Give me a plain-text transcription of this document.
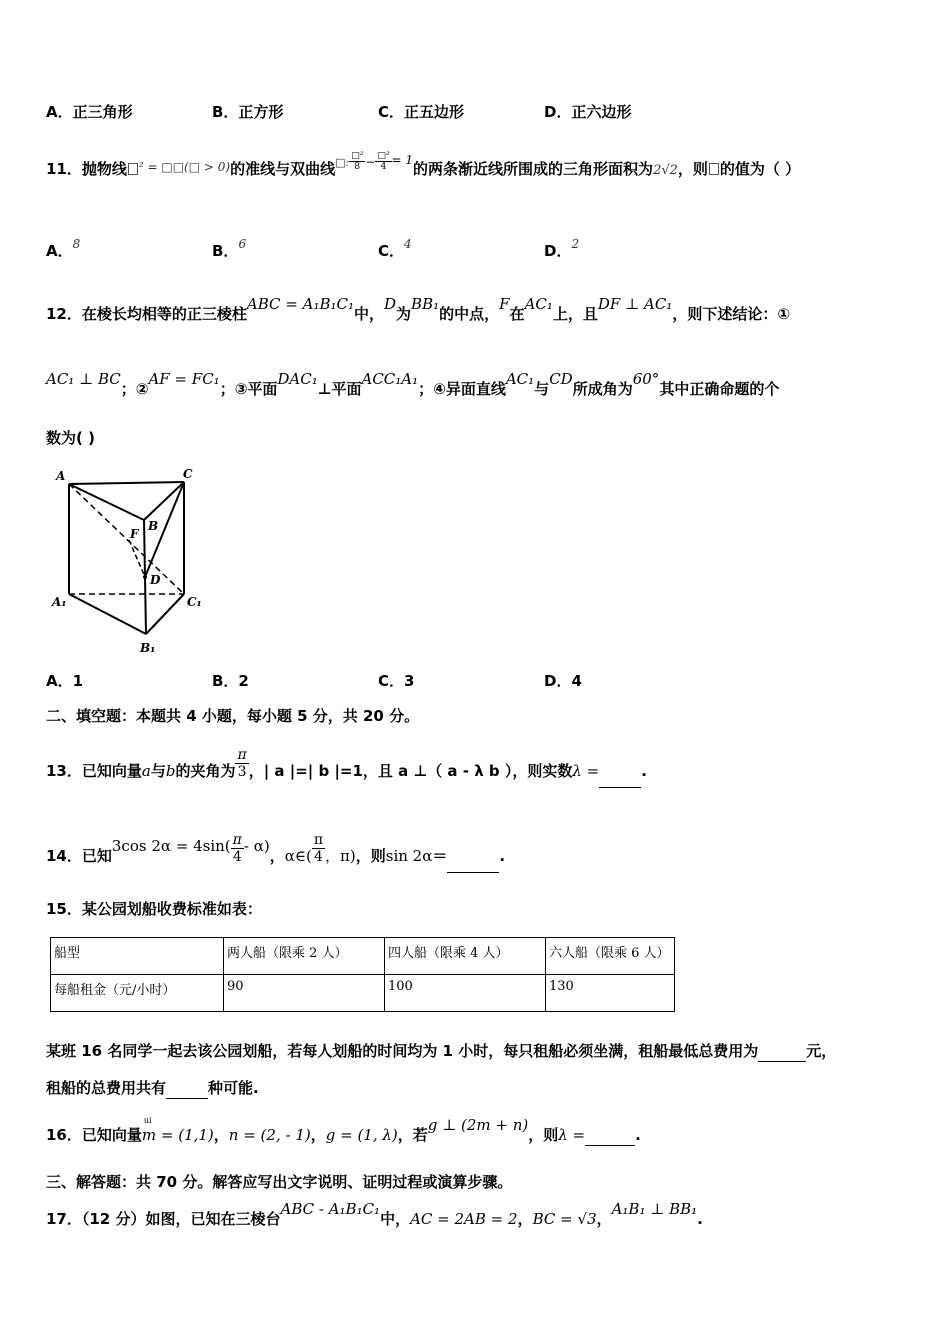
A．正三角形	B．正方形	C．正五边形	D．正六边形
11．抛物线 $^{^2 = □□(□ > 0)}$的准线与双曲线$^{□:} \frac{\text{□²}}{8} ^- \frac{\text{□²}}{4} ^{= 1}$的两条渐近线所围成的三角形面积为2√2，则 的值为（ ）
A．$^8$	B．$^6$	C．$^4$	D．$^2$
12．在棱长均相等的正三棱柱ABC = A₁B₁C₁中，D为BB₁的中点，F在AC₁上，且DF ⊥ AC₁，则下述结论：①
AC₁ ⊥ BC；②AF = FC₁；③平面DAC₁⊥平面ACC₁A₁；④异面直线AC₁与CD所成角为60°其中正确命题的个
数为( )
A
B
C
F
D
A₁
B₁
C₁
A．1	B．2	C．3	D．4
二、填空题：本题共 4 小题，每小题 5 分，共 20 分。
13．已知向量a与b的夹角为 $\frac{\pi}{3}$ ，| a |=| b |=1，且 a ⊥（ a - λ b ），则实数λ =	.
14．已知3cos $2\alpha = 4\sin( \frac{\pi}{4} - \alpha)$，α∈( $\frac{\pi}{4}$ ，π)，则sin 2α＝	.
15．某公园划船收费标准如表：
船型	两人船（限乘 2 人）	四人船（限乘 4 人）	六人船（限乘 6 人）
每船租金（元/小时）	90	100	130
某班 16 名同学一起去该公园划船，若每人划船的时间均为 1 小时，每只租船必须坐满，租船最低总费用为	元，
租船的总费用共有	种可能.
16．已知向量
ui
m = (1,1)，n = (2, - 1)，g = (1, λ)，若g ⊥ (2m + n)，则λ =	.
三、解答题：共 70 分。解答应写出文字说明、证明过程或演算步骤。
17．（12 分）如图，已知在三棱台ABC - A₁B₁C₁中，AC = 2AB = 2，BC = √3，A₁B₁ ⊥ BB₁.
